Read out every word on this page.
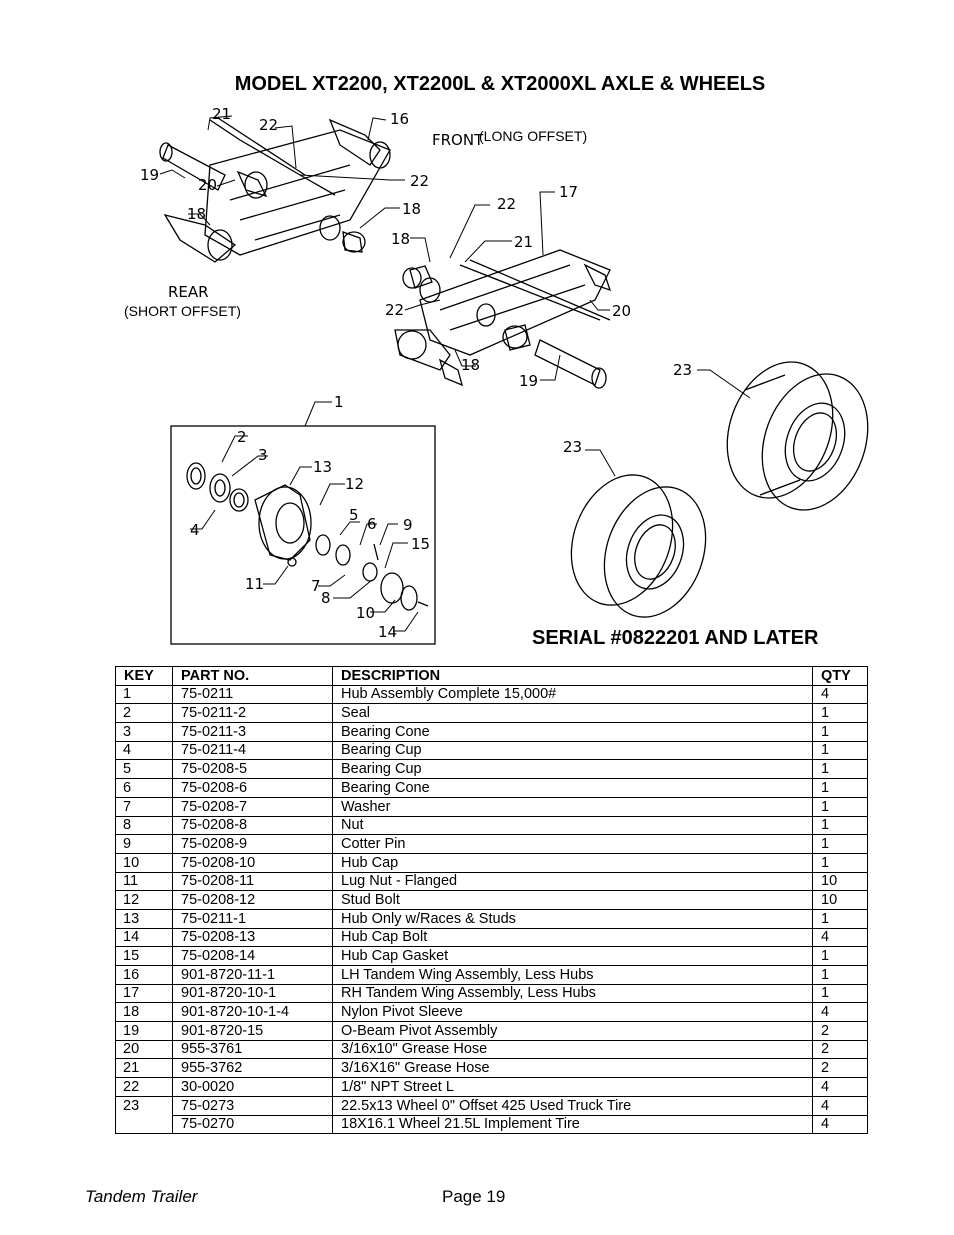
MODEL XT2200, XT2200L & XT2000XL AXLE & WHEELS
FRONT
(LONG OFFSET)
REAR
(SHORT OFFSET)
21
22	16
19
20	22
18
18
22
17
21
18
22	20
18
19
23
23
1
2
3
13
12
5 6 9
15
4
11	7
8
10
14	SERIAL #0822201 AND LATER
KEY	PART NO.	DESCRIPTION	QTY
1	75-0211	Hub Assembly Complete 15,000#	4
2	75-0211-2	Seal	1
3	75-0211-3	Bearing Cone	1
4	75-0211-4	Bearing Cup	1
5	75-0208-5	Bearing Cup	1
6	75-0208-6	Bearing Cone	1
7	75-0208-7	Washer	1
8	75-0208-8	Nut	1
9	75-0208-9	Cotter Pin	1
10	75-0208-10	Hub Cap	1
11	75-0208-11	Lug Nut - Flanged	10
12	75-0208-12	Stud Bolt	10
13	75-0211-1	Hub Only w/Races & Studs	1
14	75-0208-13	Hub Cap Bolt	4
15	75-0208-14	Hub Cap Gasket	1
16	901-8720-11-1	LH Tandem Wing Assembly, Less Hubs	1
17	901-8720-10-1	RH Tandem Wing Assembly, Less Hubs	1
18	901-8720-10-1-4	Nylon Pivot Sleeve	4
19	901-8720-15	O-Beam Pivot Assembly	2
20	955-3761	3/16x10" Grease Hose	2
21	955-3762	3/16X16" Grease Hose	2
22	30-0020	1/8" NPT Street L	4
23	75-0273	22.5x13 Wheel 0" Offset 425 Used Truck Tire	4
	75-0270	18X16.1 Wheel 21.5L Implement Tire	4
Tandem Trailer	Page 19
